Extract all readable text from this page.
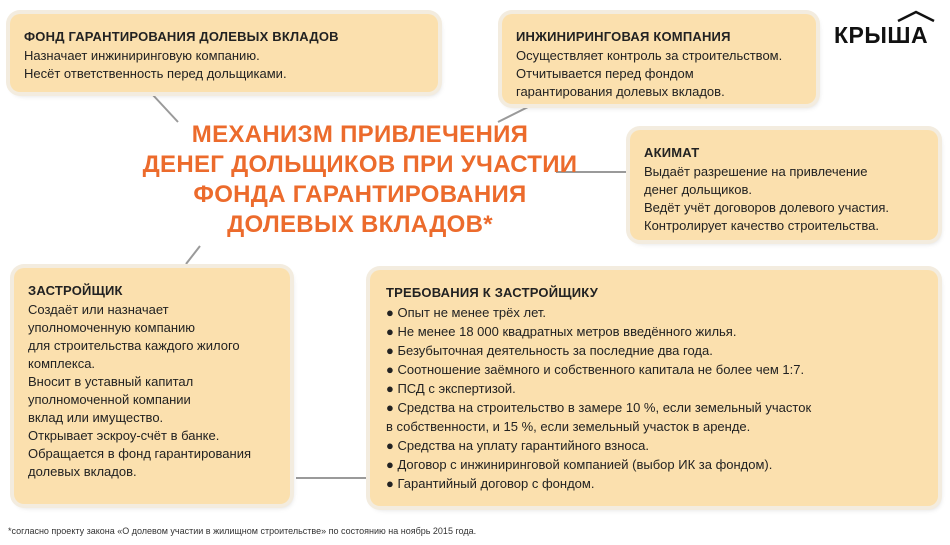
ФОНД ГАРАНТИРОВАНИЯ ДОЛЕВЫХ ВКЛАДОВ
Назначает инжиниринговую компанию.
Несёт ответственность перед дольщиками.
ИНЖИНИРИНГОВАЯ КОМПАНИЯ
Осуществляет контроль за строительством.
Отчитывается перед фондом
гарантирования долевых вкладов.
АКИМАТ
Выдаёт разрешение на привлечение
денег дольщиков.
Ведёт учёт договоров долевого участия.
Контролирует качество строительства.
МЕХАНИЗМ ПРИВЛЕЧЕНИЯ
ДЕНЕГ ДОЛЬЩИКОВ ПРИ УЧАСТИИ
ФОНДА ГАРАНТИРОВАНИЯ
ДОЛЕВЫХ ВКЛАДОВ*
ЗАСТРОЙЩИК
Создаёт или назначает
уполномоченную компанию
для строительства каждого жилого
комплекса.
Вносит в уставный капитал
уполномоченной компании
вклад или имущество.
Открывает эскроу-счёт в банке.
Обращается в фонд гарантирования
долевых вкладов.
ТРЕБОВАНИЯ К ЗАСТРОЙЩИКУ
● Опыт не менее трёх лет.
● Не менее 18 000 квадратных метров введённого жилья.
● Безубыточная деятельность за последние два года.
● Соотношение заёмного и собственного капитала не более чем 1:7.
● ПСД с экспертизой.
● Средства на строительство в замере 10 %, если земельный участок
в собственности, и 15 %, если земельный участок в аренде.
● Средства на уплату гарантийного взноса.
● Договор с инжиниринговой компанией (выбор ИК за фондом).
● Гарантийный договор с фондом.
КРЫША
*согласно проекту закона «О долевом участии в жилищном строительстве» по состоянию на ноябрь 2015 года.
